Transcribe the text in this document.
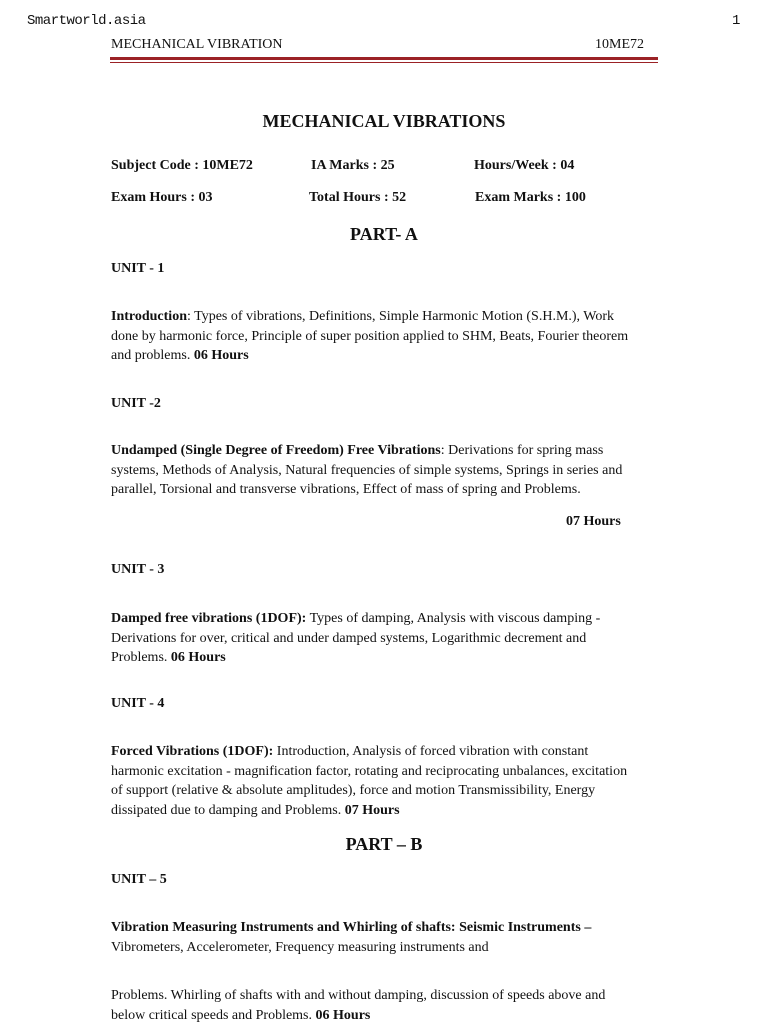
Smartworld.asia	1
MECHANICAL VIBRATION	10ME72
MECHANICAL VIBRATIONS
Subject Code : 10ME72	IA Marks : 25	Hours/Week : 04
Exam Hours : 03	Total Hours : 52	Exam Marks : 100
PART- A
UNIT - 1
Introduction: Types of vibrations, Definitions, Simple Harmonic Motion (S.H.M.), Work done by harmonic force, Principle of super position applied to SHM, Beats, Fourier theorem and problems. 06 Hours
UNIT -2
Undamped (Single Degree of Freedom) Free Vibrations: Derivations for spring mass systems, Methods of Analysis, Natural frequencies of simple systems, Springs in series and parallel, Torsional and transverse vibrations, Effect of mass of spring and Problems.
07 Hours
UNIT - 3
Damped free vibrations (1DOF): Types of damping, Analysis with viscous damping - Derivations for over, critical and under damped systems, Logarithmic decrement and Problems. 06 Hours
UNIT - 4
Forced Vibrations (1DOF): Introduction, Analysis of forced vibration with constant harmonic excitation - magnification factor, rotating and reciprocating unbalances, excitation of support (relative & absolute amplitudes), force and motion Transmissibility, Energy dissipated due to damping and Problems. 07 Hours
PART – B
UNIT – 5
Vibration Measuring Instruments and Whirling of shafts: Seismic Instruments –
Vibrometers, Accelerometer, Frequency measuring instruments and
Problems. Whirling of shafts with and without damping, discussion of speeds above and below critical speeds and Problems. 06 Hours
